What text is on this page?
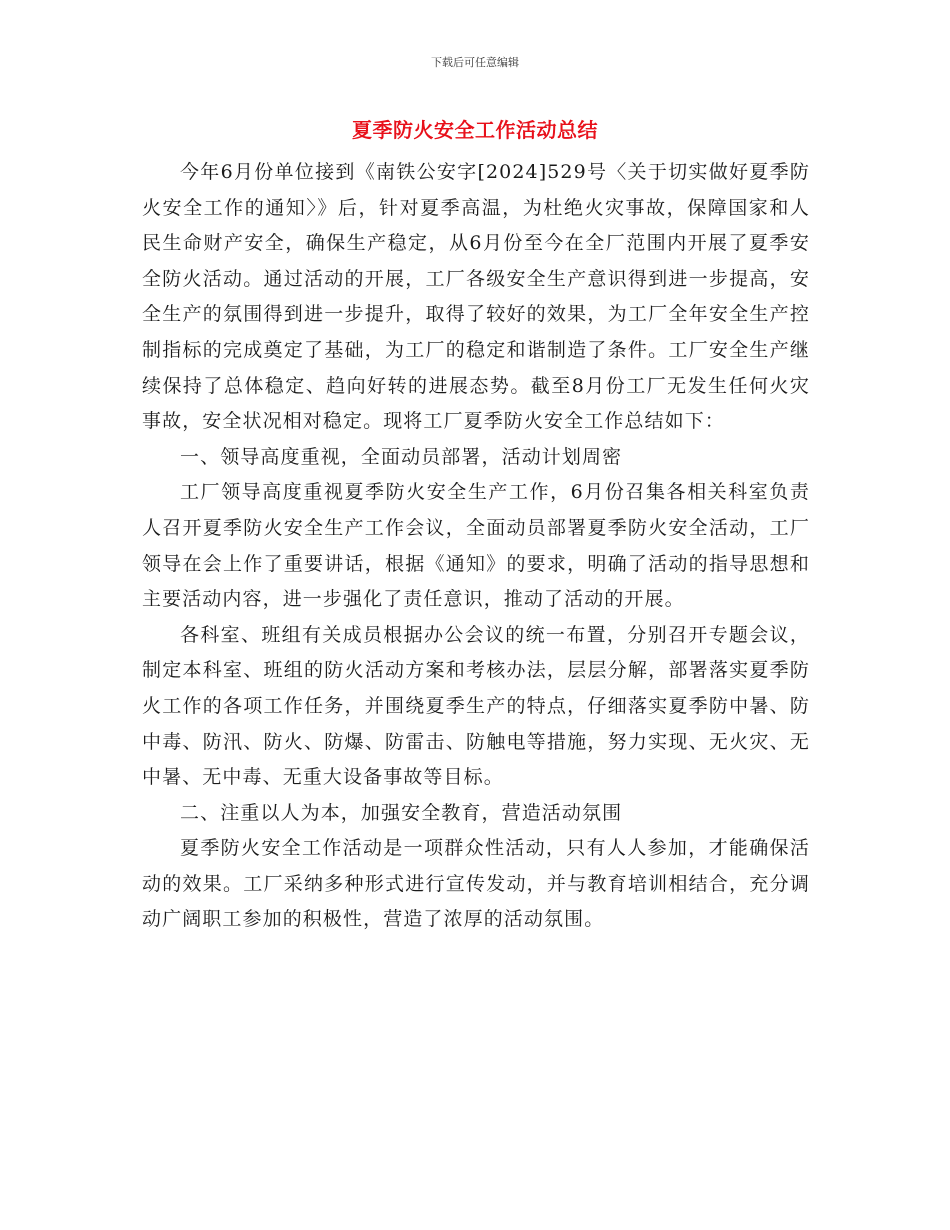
下载后可任意编辑
夏季防火安全工作活动总结

今年6月份单位接到《南铁公安字[2024]529号〈关于切实做好夏季防火安全工作的通知〉》后，针对夏季高温，为杜绝火灾事故，保障国家和人民生命财产安全，确保生产稳定，从6月份至今在全厂范围内开展了夏季安全防火活动。通过活动的开展，工厂各级安全生产意识得到进一步提高，安全生产的氛围得到进一步提升，取得了较好的效果，为工厂全年安全生产控制指标的完成奠定了基础，为工厂的稳定和谐制造了条件。工厂安全生产继续保持了总体稳定、趋向好转的进展态势。截至8月份工厂无发生任何火灾事故，安全状况相对稳定。现将工厂夏季防火安全工作总结如下：

一、领导高度重视，全面动员部署，活动计划周密

工厂领导高度重视夏季防火安全生产工作，6月份召集各相关科室负责人召开夏季防火安全生产工作会议，全面动员部署夏季防火安全活动，工厂领导在会上作了重要讲话，根据《通知》的要求，明确了活动的指导思想和主要活动内容，进一步强化了责任意识，推动了活动的开展。

各科室、班组有关成员根据办公会议的统一布置，分别召开专题会议，制定本科室、班组的防火活动方案和考核办法，层层分解，部署落实夏季防火工作的各项工作任务，并围绕夏季生产的特点，仔细落实夏季防中暑、防中毒、防汛、防火、防爆、防雷击、防触电等措施，努力实现、无火灾、无中暑、无中毒、无重大设备事故等目标。

二、注重以人为本，加强安全教育，营造活动氛围

夏季防火安全工作活动是一项群众性活动，只有人人参加，才能确保活动的效果。工厂采纳多种形式进行宣传发动，并与教育培训相结合，充分调动广阔职工参加的积极性，营造了浓厚的活动氛围。
